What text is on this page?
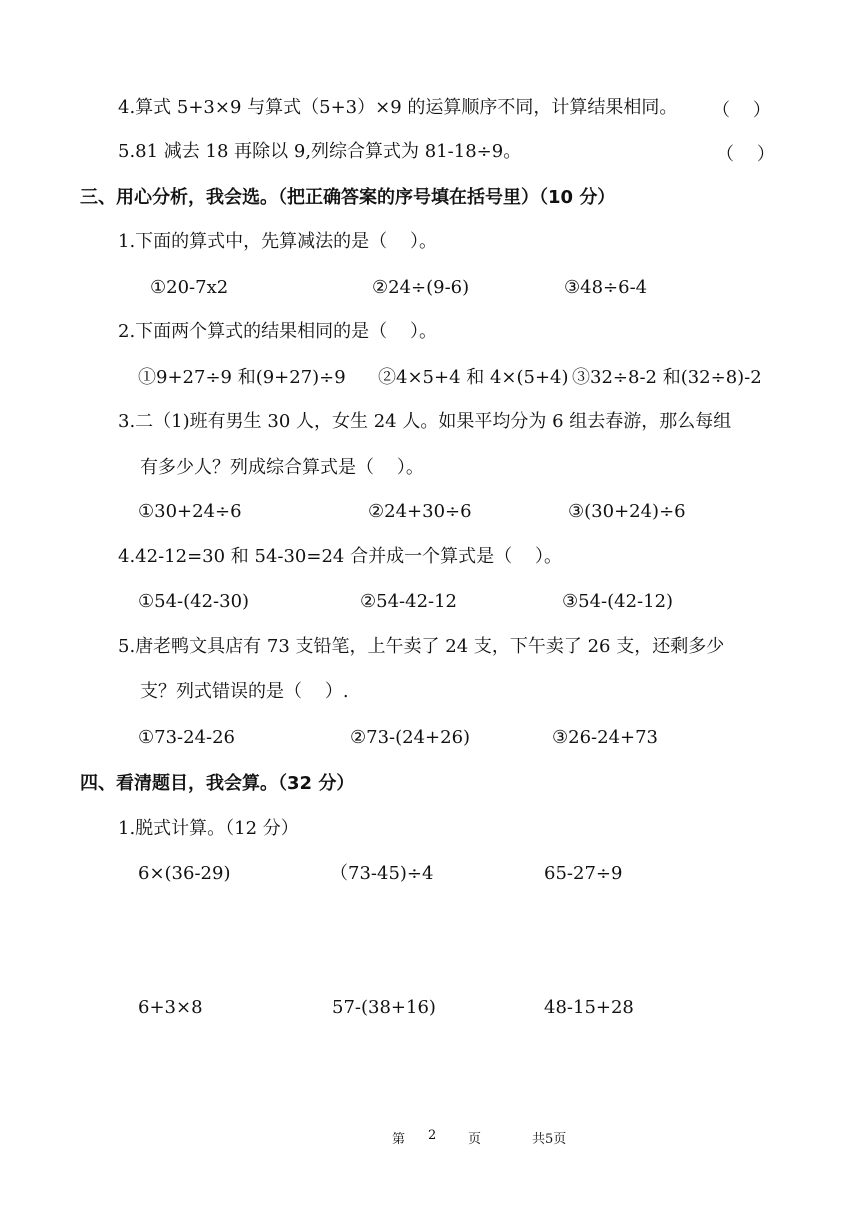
4.算式 5+3×9 与算式（5+3）×9 的运算顺序不同，计算结果相同。 （    ）
5.81 减去 18 再除以 9,列综合算式为 81-18÷9。	（    ）
三、用心分析，我会选。（把正确答案的序号填在括号里）（10 分）
1.下面的算式中，先算减法的是（    ）。
①20-7x2	②24÷(9-6)	③48÷6-4
2.下面两个算式的结果相同的是（    ）。
①9+27÷9 和(9+27)÷9 ②4×5+4 和 4×(5+4) ③32÷8-2 和(32÷8)-2
3.二（1)班有男生 30 人，女生 24 人。如果平均分为 6 组去春游，那么每组
有多少人？列成综合算式是（    ）。
①30+24÷6	②24+30÷6	③(30+24)÷6
4.42-12=30 和 54-30=24 合并成一个算式是（    ）。
①54-(42-30)	②54-42-12	③54-(42-12)
5.唐老鸭文具店有 73 支铅笔，上午卖了 24 支，下午卖了 26 支，还剩多少
支？列式错误的是（    ）.
①73-24-26	②73-(24+26)	③26-24+73
四、看清题目，我会算。（32 分）
1.脱式计算。（12 分）
6×(36-29)	（73-45)÷4	65-27÷9
6+3×8	57-(38+16)	48-15+28
第 2 页	共5页
